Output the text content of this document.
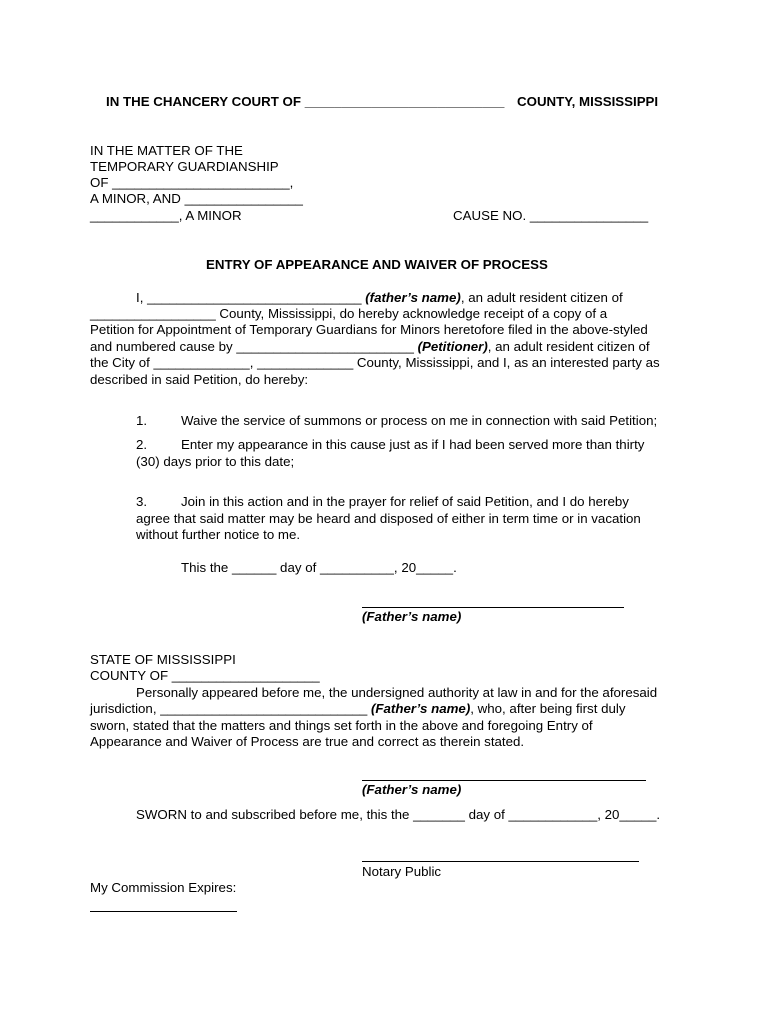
IN THE CHANCERY COURT OF ___________________________ COUNTY, MISSISSIPPI
IN THE MATTER OF THE
TEMPORARY GUARDIANSHIP
OF ________________________,
A MINOR, AND ________________
____________, A MINOR	CAUSE NO. ________________
ENTRY OF APPEARANCE AND WAIVER OF PROCESS
I, _____________________________ (father’s name), an adult resident citizen of
_________________ County, Mississippi, do hereby acknowledge receipt of a copy of a
Petition for Appointment of Temporary Guardians for Minors heretofore filed in the above-styled
and numbered cause by ________________________ (Petitioner), an adult resident citizen of
the City of _____________, _____________ County, Mississippi, and I, as an interested party as
described in said Petition, do hereby:
1.	Waive the service of summons or process on me in connection with said Petition;
2.	Enter my appearance in this cause just as if I had been served more than thirty
(30) days prior to this date;
3.	Join in this action and in the prayer for relief of said Petition, and I do hereby
agree that said matter may be heard and disposed of either in term time or in vacation
without further notice to me.
This the ______ day of __________, 20_____.
(Father’s name)
STATE OF MISSISSIPPI
COUNTY OF ____________________
Personally appeared before me, the undersigned authority at law in and for the aforesaid
jurisdiction, ____________________________ (Father’s name), who, after being first duly
sworn, stated that the matters and things set forth in the above and foregoing Entry of
Appearance and Waiver of Process are true and correct as therein stated.
(Father’s name)
SWORN to and subscribed before me, this the _______ day of ____________, 20_____.
Notary Public
My Commission Expires:
